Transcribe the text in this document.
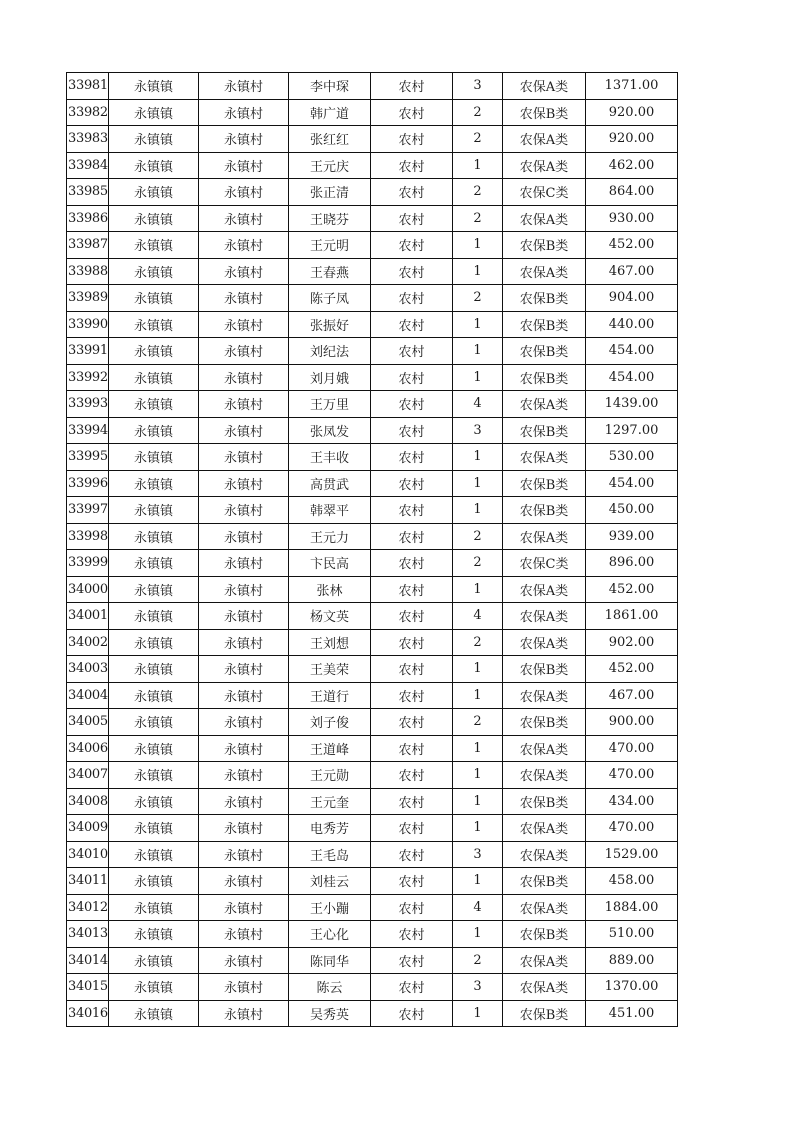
33981	永镇镇	永镇村	李中琛	农村	3	农保A类	1371.00
33982	永镇镇	永镇村	韩广道	农村	2	农保B类	920.00
33983	永镇镇	永镇村	张红红	农村	2	农保A类	920.00
33984	永镇镇	永镇村	王元庆	农村	1	农保A类	462.00
33985	永镇镇	永镇村	张正清	农村	2	农保C类	864.00
33986	永镇镇	永镇村	王晓芬	农村	2	农保A类	930.00
33987	永镇镇	永镇村	王元明	农村	1	农保B类	452.00
33988	永镇镇	永镇村	王春燕	农村	1	农保A类	467.00
33989	永镇镇	永镇村	陈子凤	农村	2	农保B类	904.00
33990	永镇镇	永镇村	张振好	农村	1	农保B类	440.00
33991	永镇镇	永镇村	刘纪法	农村	1	农保B类	454.00
33992	永镇镇	永镇村	刘月娥	农村	1	农保B类	454.00
33993	永镇镇	永镇村	王万里	农村	4	农保A类	1439.00
33994	永镇镇	永镇村	张凤发	农村	3	农保B类	1297.00
33995	永镇镇	永镇村	王丰收	农村	1	农保A类	530.00
33996	永镇镇	永镇村	高贯武	农村	1	农保B类	454.00
33997	永镇镇	永镇村	韩翠平	农村	1	农保B类	450.00
33998	永镇镇	永镇村	王元力	农村	2	农保A类	939.00
33999	永镇镇	永镇村	卞民高	农村	2	农保C类	896.00
34000	永镇镇	永镇村	张林	农村	1	农保A类	452.00
34001	永镇镇	永镇村	杨文英	农村	4	农保A类	1861.00
34002	永镇镇	永镇村	王刘想	农村	2	农保A类	902.00
34003	永镇镇	永镇村	王美荣	农村	1	农保B类	452.00
34004	永镇镇	永镇村	王道行	农村	1	农保A类	467.00
34005	永镇镇	永镇村	刘子俊	农村	2	农保B类	900.00
34006	永镇镇	永镇村	王道峰	农村	1	农保A类	470.00
34007	永镇镇	永镇村	王元勋	农村	1	农保A类	470.00
34008	永镇镇	永镇村	王元奎	农村	1	农保B类	434.00
34009	永镇镇	永镇村	电秀芳	农村	1	农保A类	470.00
34010	永镇镇	永镇村	王毛岛	农村	3	农保A类	1529.00
34011	永镇镇	永镇村	刘桂云	农村	1	农保B类	458.00
34012	永镇镇	永镇村	王小蹦	农村	4	农保A类	1884.00
34013	永镇镇	永镇村	王心化	农村	1	农保B类	510.00
34014	永镇镇	永镇村	陈同华	农村	2	农保A类	889.00
34015	永镇镇	永镇村	陈云	农村	3	农保A类	1370.00
34016	永镇镇	永镇村	吴秀英	农村	1	农保B类	451.00
